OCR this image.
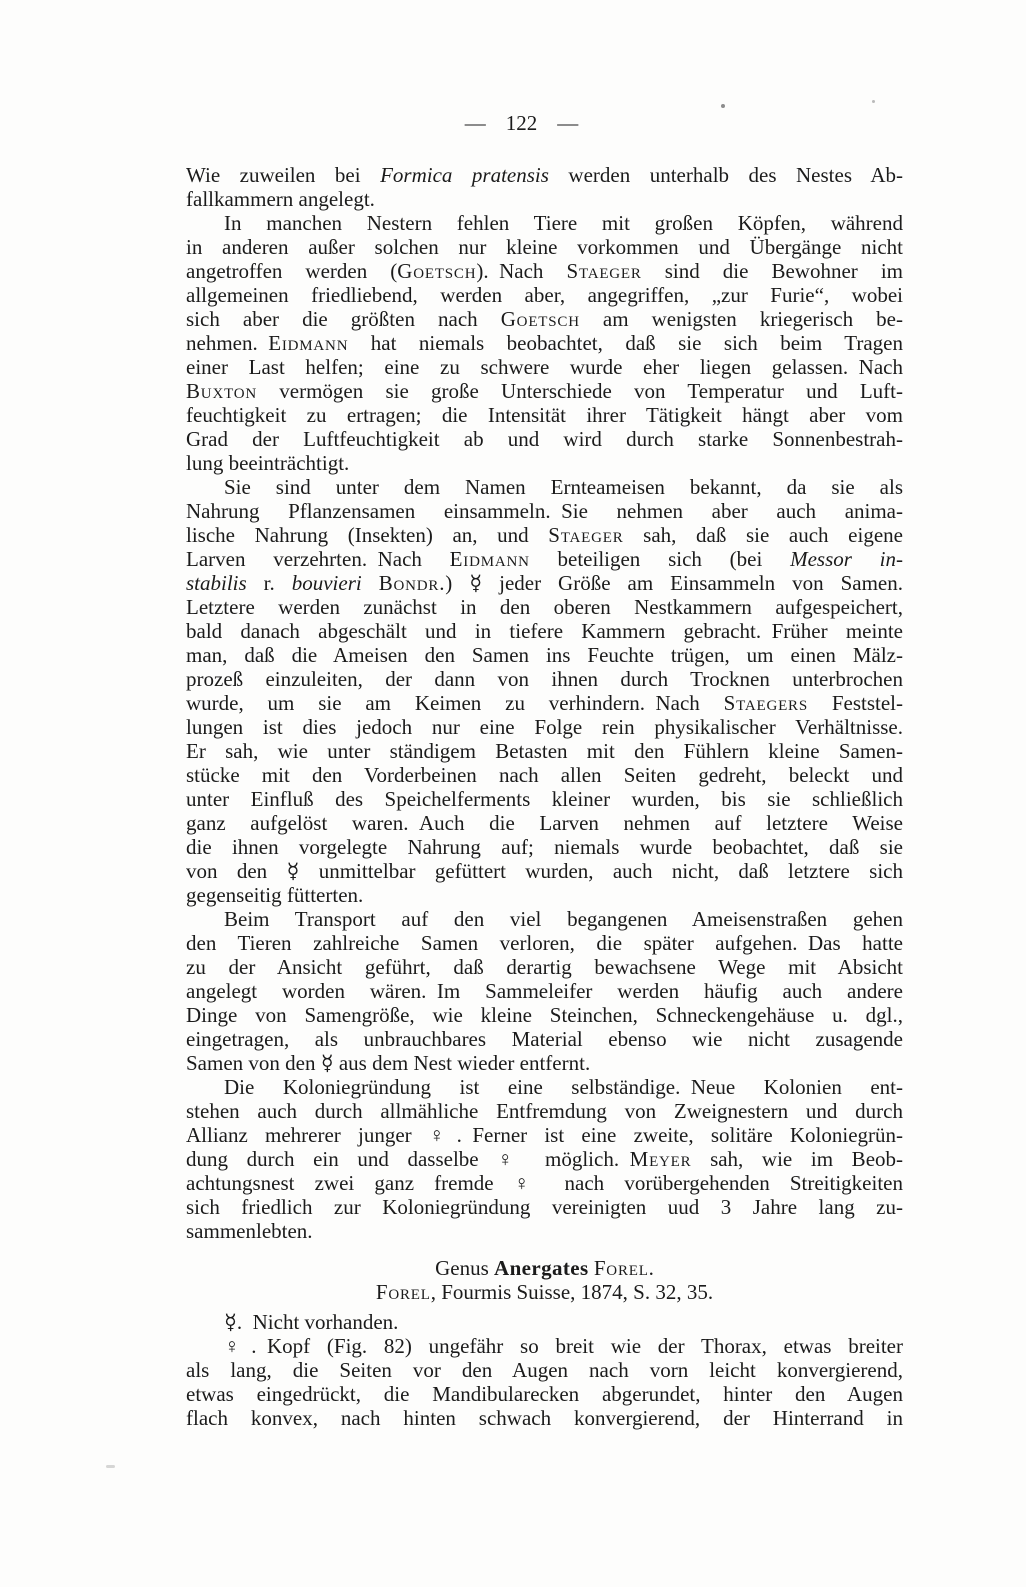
— 122 —
Wie zuweilen bei Formica pratensis werden unterhalb des Nestes Ab-
fallkammern angelegt.
In manchen Nestern fehlen Tiere mit großen Köpfen, während
in anderen außer solchen nur kleine vorkommen und Übergänge nicht
angetroffen werden (Goetsch). Nach Staeger sind die Bewohner im
allgemeinen friedliebend, werden aber, angegriffen, „zur Furie“, wobei
sich aber die größten nach Goetsch am wenigsten kriegerisch be-
nehmen. Eidmann hat niemals beobachtet, daß sie sich beim Tragen
einer Last helfen; eine zu schwere wurde eher liegen gelassen. Nach
Buxton vermögen sie große Unterschiede von Temperatur und Luft-
feuchtigkeit zu ertragen; die Intensität ihrer Tätigkeit hängt aber vom
Grad der Luftfeuchtigkeit ab und wird durch starke Sonnenbestrah-
lung beeinträchtigt.
Sie sind unter dem Namen Ernteameisen bekannt, da sie als
Nahrung Pflanzensamen einsammeln. Sie nehmen aber auch anima-
lische Nahrung (Insekten) an, und Staeger sah, daß sie auch eigene
Larven verzehrten. Nach Eidmann beteiligen sich (bei Messor in-
stabilis r. bouvieri Bondr.) ☿ jeder Größe am Einsammeln von Samen.
Letztere werden zunächst in den oberen Nestkammern aufgespeichert,
bald danach abgeschält und in tiefere Kammern gebracht. Früher meinte
man, daß die Ameisen den Samen ins Feuchte trügen, um einen Mälz-
prozeß einzuleiten, der dann von ihnen durch Trocknen unterbrochen
wurde, um sie am Keimen zu verhindern. Nach Staegers Feststel-
lungen ist dies jedoch nur eine Folge rein physikalischer Verhältnisse.
Er sah, wie unter ständigem Betasten mit den Fühlern kleine Samen-
stücke mit den Vorderbeinen nach allen Seiten gedreht, beleckt und
unter Einfluß des Speichelferments kleiner wurden, bis sie schließlich
ganz aufgelöst waren. Auch die Larven nehmen auf letztere Weise
die ihnen vorgelegte Nahrung auf; niemals wurde beobachtet, daß sie
von den ☿ unmittelbar gefüttert wurden, auch nicht, daß letztere sich
gegenseitig fütterten.
Beim Transport auf den viel begangenen Ameisenstraßen gehen
den Tieren zahlreiche Samen verloren, die später aufgehen. Das hatte
zu der Ansicht geführt, daß derartig bewachsene Wege mit Absicht
angelegt worden wären. Im Sammeleifer werden häufig auch andere
Dinge von Samengröße, wie kleine Steinchen, Schneckengehäuse u. dgl.,
eingetragen, als unbrauchbares Material ebenso wie nicht zusagende
Samen von den ☿ aus dem Nest wieder entfernt.
Die Koloniegründung ist eine selbständige. Neue Kolonien ent-
stehen auch durch allmähliche Entfremdung von Zweignestern und durch
Allianz mehrerer junger ♀. Ferner ist eine zweite, solitäre Koloniegrün-
dung durch ein und dasselbe ♀ möglich. Meyer sah, wie im Beob-
achtungsnest zwei ganz fremde ♀ nach vorübergehenden Streitigkeiten
sich friedlich zur Koloniegründung vereinigten uud 3 Jahre lang zu-
sammenlebten.
Genus Anergates Forel.
Forel, Fourmis Suisse, 1874, S. 32, 35.
☿. Nicht vorhanden.
♀. Kopf (Fig. 82) ungefähr so breit wie der Thorax, etwas breiter
als lang, die Seiten vor den Augen nach vorn leicht konvergierend,
etwas eingedrückt, die Mandibularecken abgerundet, hinter den Augen
flach konvex, nach hinten schwach konvergierend, der Hinterrand in
